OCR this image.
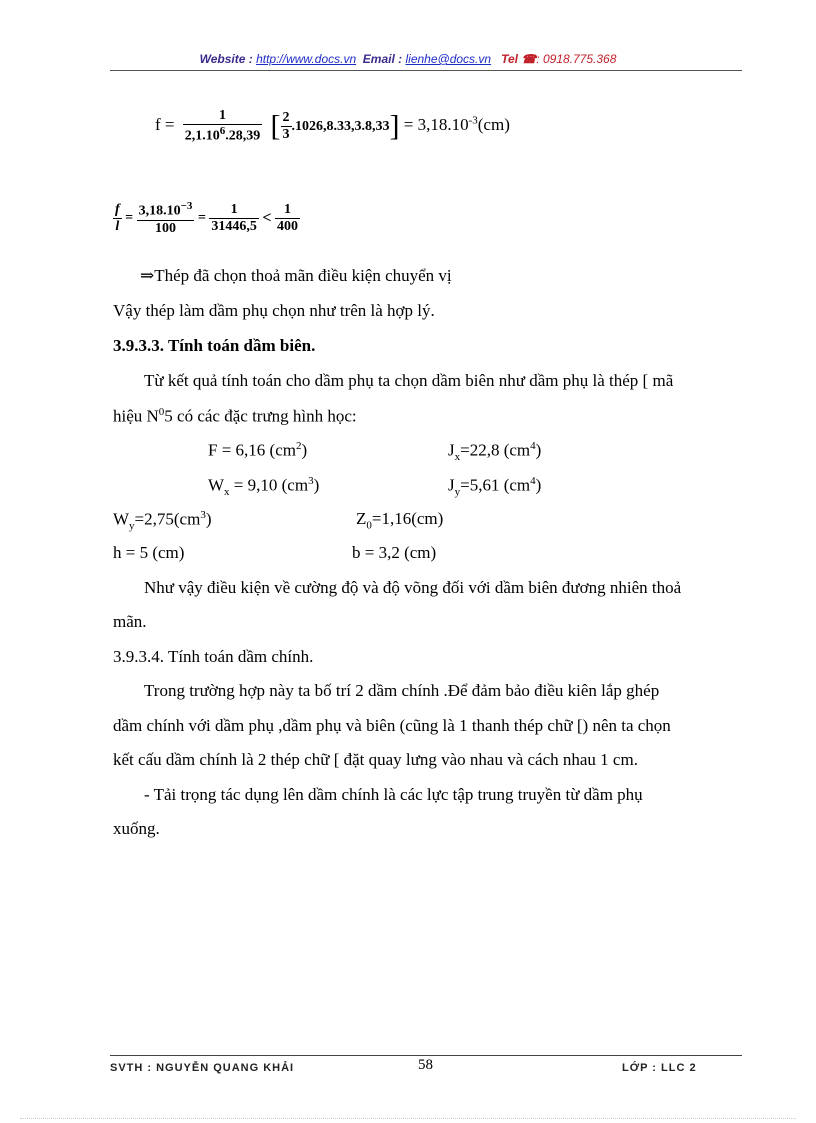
Website : http://www.docs.vn Email : lienhe@docs.vn Tel ☎: 0918.775.368
$f = \frac{1}{2,1.10^6.28,39}$ [ $\frac{2}{3} .1026,8.33,3.8,33] = 3,18.10^{-3}(cm)$
$\frac{f}{l} = \frac{3,18.10^{-3}}{100} = \frac{1}{31446,5} < \frac{1}{400}$
⇒Thép đã chọn thoả mãn điều kiện chuyển vị
Vậy thép làm dầm phụ chọn như trên là hợp lý.
3.9.3.3. Tính toán dầm biên.
Từ kết quả tính toán cho dầm phụ ta chọn dầm biên như dầm phụ là thép [ mã
hiệu $N^05$ có các đặc trưng hình học:
F = 6,16 $(cm^2)$	$J_x=22,8$ $(cm^4)$
$W_x = 9,10$ $(cm^3)$	$J_y=5,61$ $(cm^4)$
$W_y=2,75(cm^3)$	$Z_0=1,16(cm)$
h = 5 (cm)	b = 3,2 (cm)
Như vậy điều kiện về cường độ và độ võng đối với dầm biên đương nhiên thoả
mãn.
3.9.3.4. Tính toán dầm chính.
Trong trường hợp này ta bố trí 2 dầm chính .Để đảm bảo điều kiên lắp ghép
dầm chính với dầm phụ ,dầm phụ và biên (cũng là 1 thanh thép chữ [) nên ta chọn
kết cấu dầm chính là 2 thép chữ [ đặt quay lưng vào nhau và cách nhau 1 cm.
- Tải trọng tác dụng lên dầm chính là các lực tập trung truyền từ dầm phụ
xuống.
SVTH : NGUYỄN QUANG KHẢI	58	LỚP : LLC 2
